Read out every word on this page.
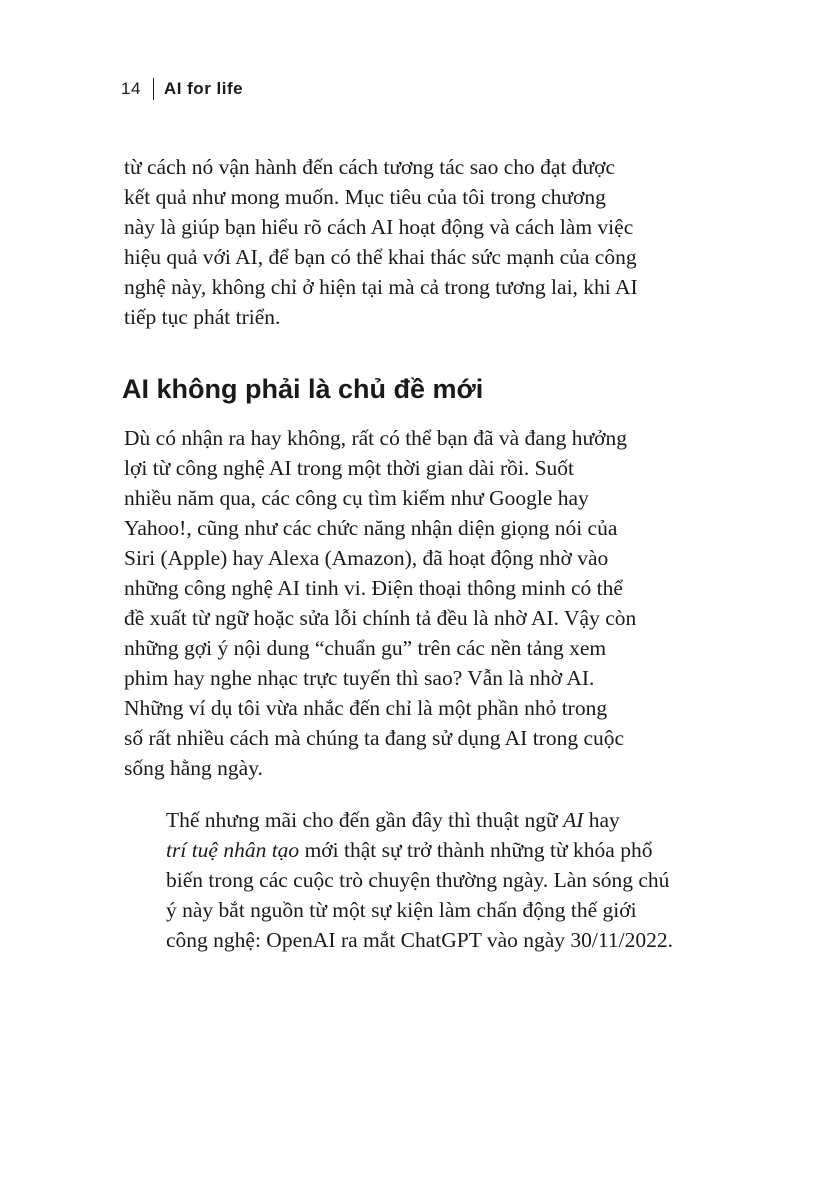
14 AI for life

từ cách nó vận hành đến cách tương tác sao cho đạt được
kết quả như mong muốn. Mục tiêu của tôi trong chương
này là giúp bạn hiểu rõ cách AI hoạt động và cách làm việc
hiệu quả với AI, để bạn có thể khai thác sức mạnh của công
nghệ này, không chỉ ở hiện tại mà cả trong tương lai, khi AI
tiếp tục phát triển.

AI không phải là chủ đề mới

Dù có nhận ra hay không, rất có thể bạn đã và đang hưởng
lợi từ công nghệ AI trong một thời gian dài rồi. Suốt
nhiều năm qua, các công cụ tìm kiếm như Google hay
Yahoo!, cũng như các chức năng nhận diện giọng nói của
Siri (Apple) hay Alexa (Amazon), đã hoạt động nhờ vào
những công nghệ AI tinh vi. Điện thoại thông minh có thể
đề xuất từ ngữ hoặc sửa lỗi chính tả đều là nhờ AI. Vậy còn
những gợi ý nội dung “chuẩn gu” trên các nền tảng xem
phim hay nghe nhạc trực tuyến thì sao? Vẫn là nhờ AI.
Những ví dụ tôi vừa nhắc đến chỉ là một phần nhỏ trong
số rất nhiều cách mà chúng ta đang sử dụng AI trong cuộc
sống hằng ngày.

Thế nhưng mãi cho đến gần đây thì thuật ngữ AI hay
trí tuệ nhân tạo mới thật sự trở thành những từ khóa phổ
biến trong các cuộc trò chuyện thường ngày. Làn sóng chú
ý này bắt nguồn từ một sự kiện làm chấn động thế giới
công nghệ: OpenAI ra mắt ChatGPT vào ngày 30/11/2022.
